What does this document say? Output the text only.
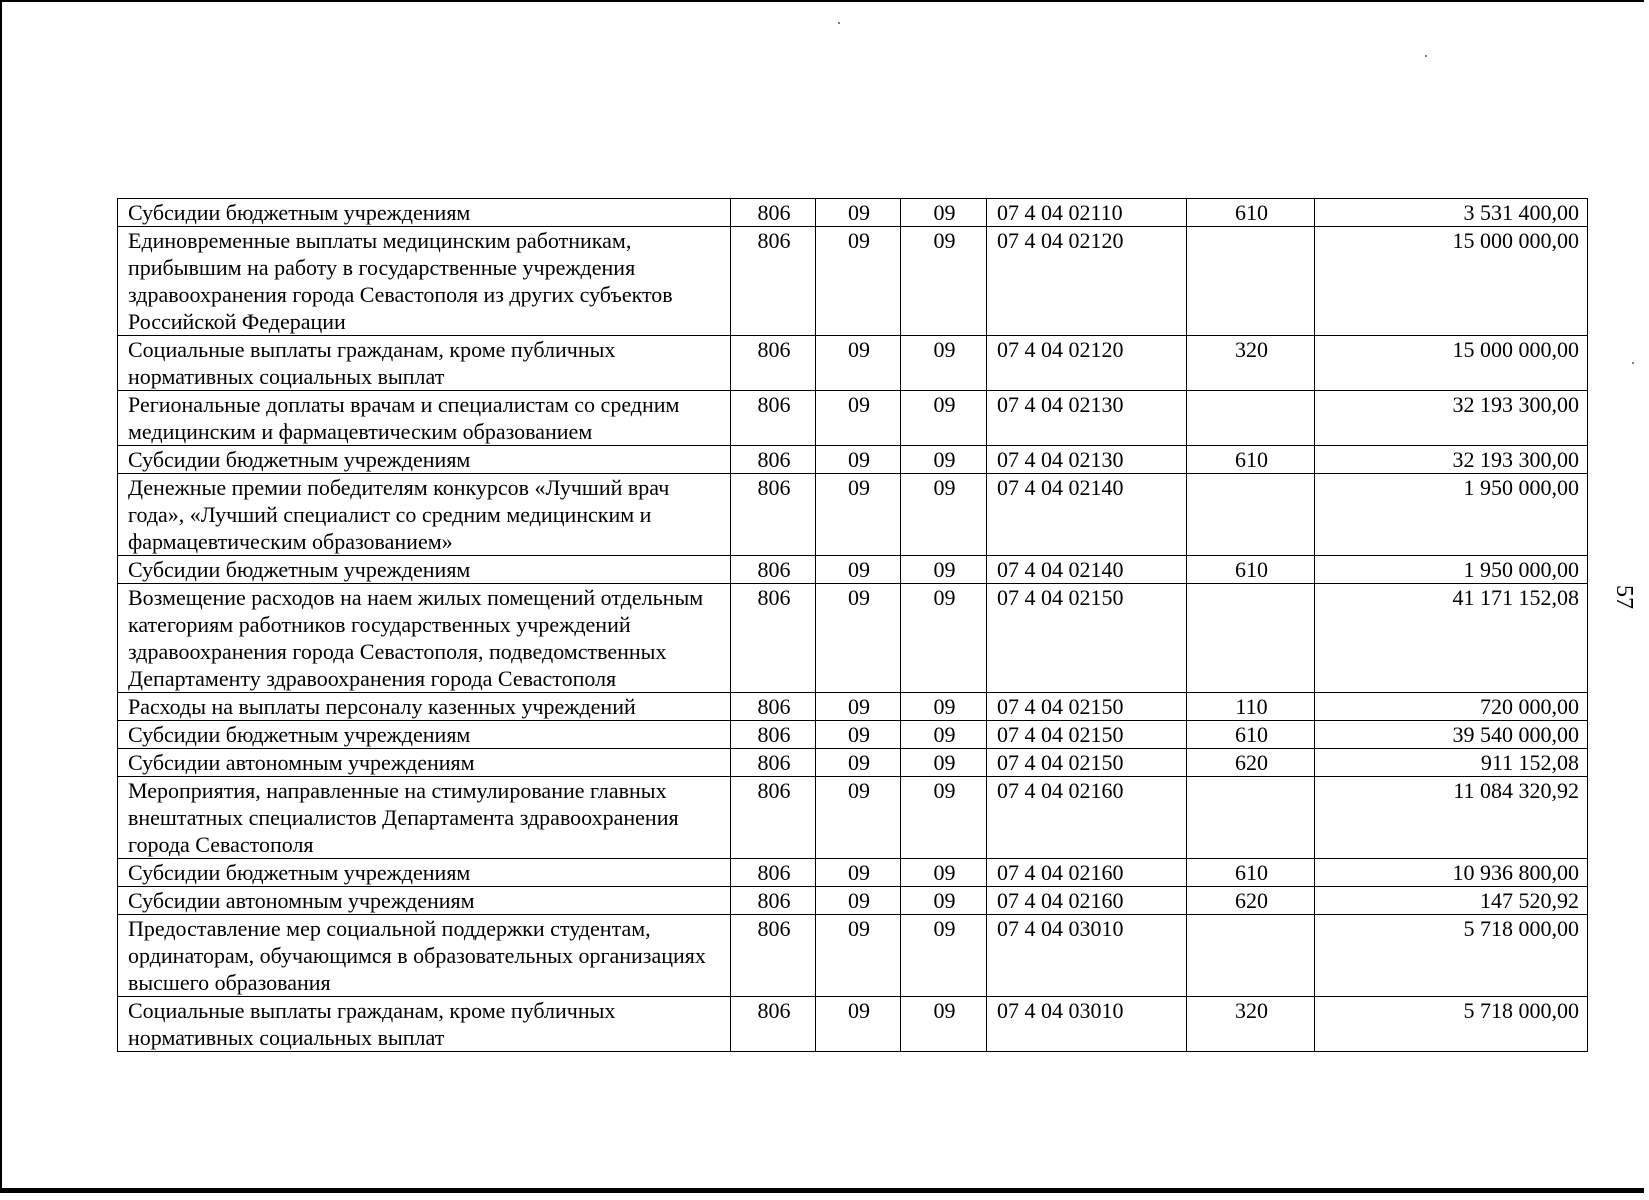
57
Субсидии бюджетным учреждениям	806	09	09	07 4 04 02110	610	3 531 400,00
Единовременные выплаты медицинским работникам, прибывшим на работу в государственные учреждения здравоохранения города Севастополя из других субъектов Российской Федерации	806	09	09	07 4 04 02120		15 000 000,00
Социальные выплаты гражданам, кроме публичных нормативных социальных выплат	806	09	09	07 4 04 02120	320	15 000 000,00
Региональные доплаты врачам и специалистам со средним медицинским и фармацевтическим образованием	806	09	09	07 4 04 02130		32 193 300,00
Субсидии бюджетным учреждениям	806	09	09	07 4 04 02130	610	32 193 300,00
Денежные премии победителям конкурсов «Лучший врач года», «Лучший специалист со средним медицинским и фармацевтическим образованием»	806	09	09	07 4 04 02140		1 950 000,00
Субсидии бюджетным учреждениям	806	09	09	07 4 04 02140	610	1 950 000,00
Возмещение расходов на наем жилых помещений отдельным категориям работников государственных учреждений здравоохранения города Севастополя, подведомственных Департаменту здравоохранения города Севастополя	806	09	09	07 4 04 02150		41 171 152,08
Расходы на выплаты персоналу казенных учреждений	806	09	09	07 4 04 02150	110	720 000,00
Субсидии бюджетным учреждениям	806	09	09	07 4 04 02150	610	39 540 000,00
Субсидии автономным учреждениям	806	09	09	07 4 04 02150	620	911 152,08
Мероприятия, направленные на стимулирование главных внештатных специалистов Департамента здравоохранения города Севастополя	806	09	09	07 4 04 02160		11 084 320,92
Субсидии бюджетным учреждениям	806	09	09	07 4 04 02160	610	10 936 800,00
Субсидии автономным учреждениям	806	09	09	07 4 04 02160	620	147 520,92
Предоставление мер социальной поддержки студентам, ординаторам, обучающимся в образовательных организациях высшего образования	806	09	09	07 4 04 03010		5 718 000,00
Социальные выплаты гражданам, кроме публичных нормативных социальных выплат	806	09	09	07 4 04 03010	320	5 718 000,00
